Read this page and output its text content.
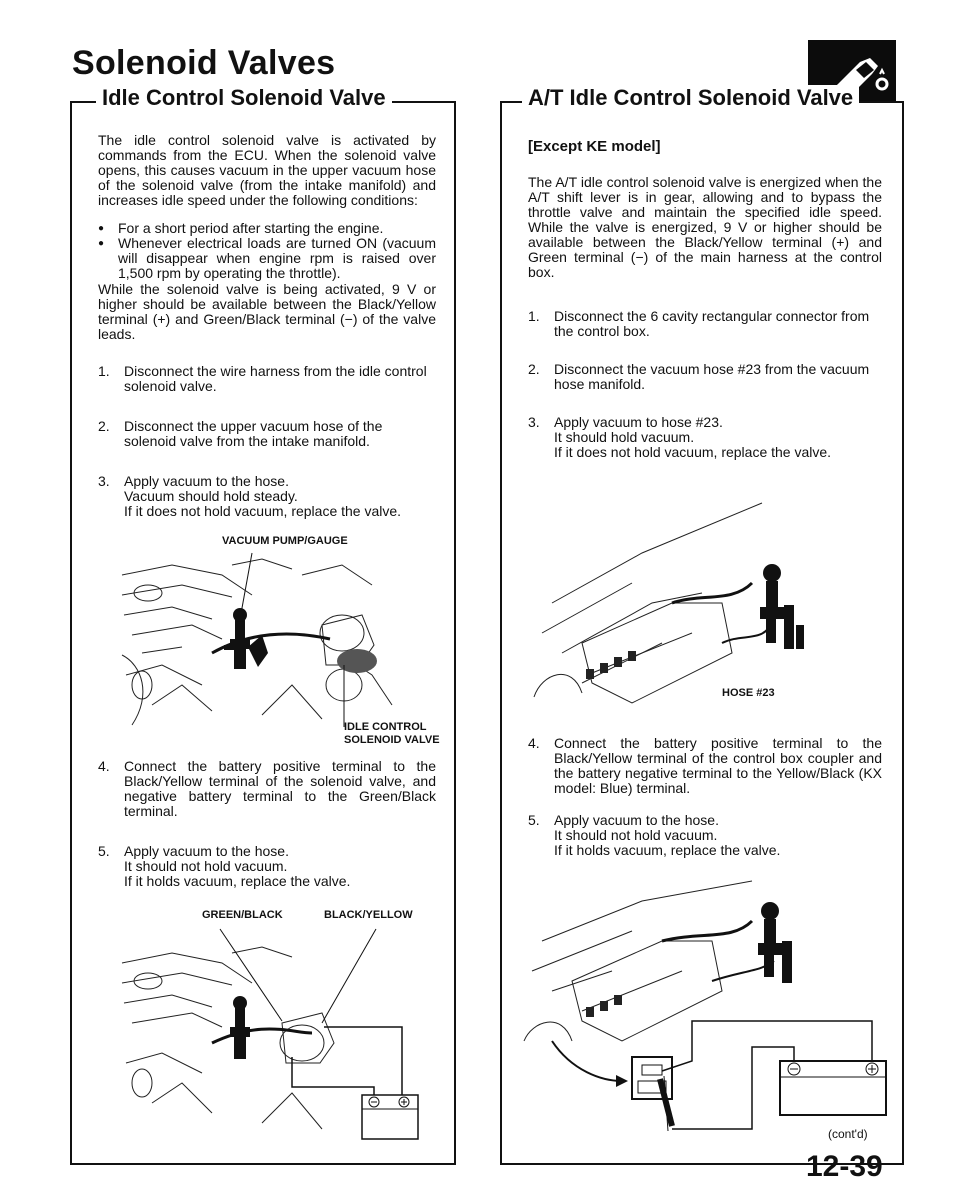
Solenoid Valves
Idle Control Solenoid Valve

The idle control solenoid valve is activated by commands from the ECU. When the solenoid valve opens, this causes vacuum in the upper vacuum hose of the solenoid valve (from the intake manifold) and increases idle speed under the following conditions:

● For a short period after starting the engine.
● Whenever electrical loads are turned ON (vacuum will disappear when engine rpm is raised over 1,500 rpm by operating the throttle).

While the solenoid valve is being activated, 9 V or higher should be available between the Black/Yellow terminal (+) and Green/Black terminal (−) of the valve leads.

1.	Disconnect the wire harness from the idle control solenoid valve.
2.	Disconnect the upper vacuum hose of the solenoid valve from the intake manifold.
3.	Apply vacuum to the hose.
Vacuum should hold steady.
If it does not hold vacuum, replace the valve.
VACUUM PUMP/GAUGE
IDLE CONTROL
SOLENOID VALVE
4.	Connect the battery positive terminal to the Black/Yellow terminal of the solenoid valve, and negative battery terminal to the Green/Black terminal.
5.	Apply vacuum to the hose.
It should not hold vacuum.
If it holds vacuum, replace the valve.
GREEN/BLACK	BLACK/YELLOW
A/T Idle Control Solenoid Valve
[Except KE model]

The A/T idle control solenoid valve is energized when the A/T shift lever is in gear, allowing and to bypass the throttle valve and maintain the specified idle speed. While the valve is energized, 9 V or higher should be available between the Black/Yellow terminal (+) and Green terminal (−) of the main harness at the control box.

1.	Disconnect the 6 cavity rectangular connector from the control box.
2.	Disconnect the vacuum hose #23 from the vacuum hose manifold.
3.	Apply vacuum to hose #23.
It should hold vacuum.
If it does not hold vacuum, replace the valve.
HOSE #23
4.	Connect the battery positive terminal to the Black/Yellow terminal of the control box coupler and the battery negative terminal to the Yellow/Black (KX model: Blue) terminal.
5.	Apply vacuum to the hose.
It should not hold vacuum.
If it holds vacuum, replace the valve.
(cont'd)
12-39
